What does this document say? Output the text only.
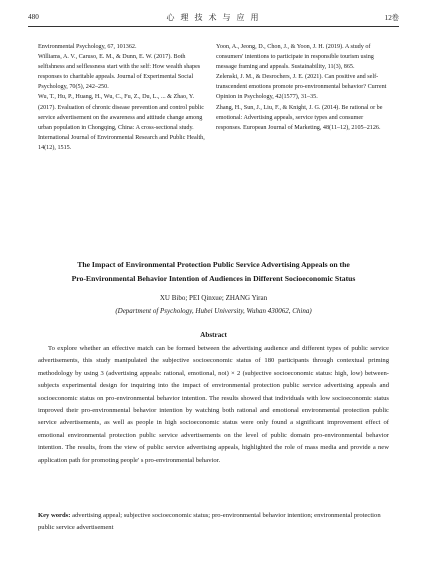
480	心 理 技 术 与 应 用	12卷

Environmental Psychology, 67, 101362.

Williams, A. V., Caruso, E. M., & Dunn, E. W. (2017). Both selfishness and selflessness start with the self: How wealth shapes responses to charitable appeals. Journal of Experimental Social Psychology, 70(5), 242–250.

Wu, T., Hu, P., Huang, H., Wu, C., Fu, Z., Du, L., ... & Zhao, Y. (2017). Evaluation of chronic disease prevention and control public service advertisement on the awareness and attitude change among urban population in Chongqing, China: A cross-sectional study. International Journal of Environmental Research and Public Health, 14(12), 1515.

Yoon, A., Jeong, D., Chon, J., & Yoon, J. H. (2019). A study of consumers' intentions to participate in responsible tourism using message framing and appeals. Sustainability, 11(3), 865.

Zelenski, J. M., & Desrochers, J. E. (2021). Can positive and self-transcendent emotions promote pro-environmental behavior? Current Opinion in Psychology, 42(1577), 31–35.

Zhang, H., Sun, J., Liu, F., & Knight, J. G. (2014). Be rational or be emotional: Advertising appeals, service types and consumer responses. European Journal of Marketing, 48(11–12), 2105–2126.

The Impact of Environmental Protection Public Service Advertising Appeals on the
Pro-Environmental Behavior Intention of Audiences in Different Socioeconomic Status
XU Bibo; PEI Qinxue; ZHANG Yiran
(Department of Psychology, Hubei University, Wuhan 430062, China)
Abstract

To explore whether an effective match can be formed between the advertising audience and different types of public service advertisements, this study manipulated the subjective socioeconomic status of 180 participants through contextual priming methodology by using 3 (advertising appeals: rational, emotional, noi) × 2 (subjective socioeconomic status: high, low) between-subjects experimental design for inquiring into the impact of environmental protection public service advertising appeals and socioeconomic status on pro-environmental behavior intention. The results showed that individuals with low socioeconomic status improved their pro-environmental behavior intention by watching both rational and emotional environmental protection public service advertisements, as well as people in high socioeconomic status were only found a significant improvement effect of emotional environmental protection public service advertisements on the level of public domain pro-environmental behavior intention. The results, from the view of public service advertising appeals, highlighted the role of mass media and provide a new application path for promoting people' s pro-environmental behavior.

Key words: advertising appeal; subjective socioeconomic status; pro-environmental behavior intention; environmental protection public service advertisement
